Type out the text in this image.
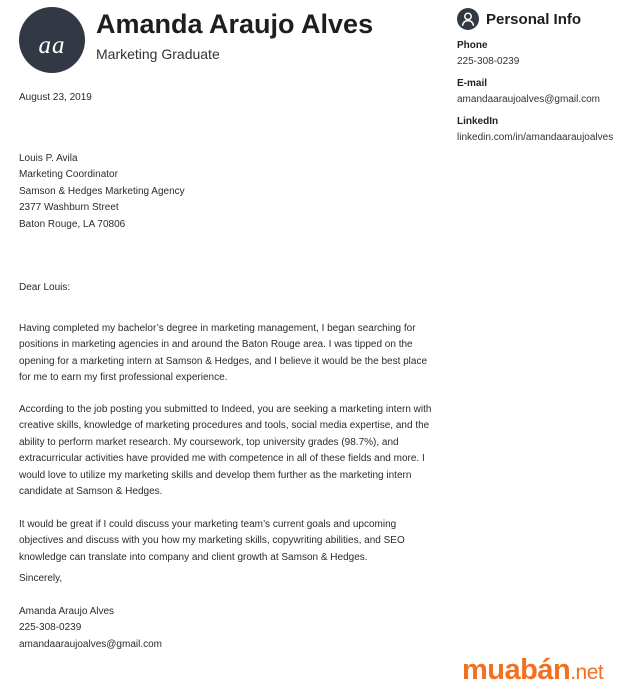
aa
Amanda Araujo Alves
Marketing Graduate
Personal Info
Phone
225-308-0239
E-mail
amandaaraujoalves@gmail.com
LinkedIn
linkedin.com/in/amandaaraujoalves
August 23, 2019
Louis P. Avila
Marketing Coordinator
Samson & Hedges Marketing Agency
2377 Washburn Street
Baton Rouge, LA 70806
Dear Louis:

Having completed my bachelor’s degree in marketing management, I began searching for positions in marketing agencies in and around the Baton Rouge area. I was tipped on the opening for a marketing intern at Samson & Hedges, and I believe it would be the best place for me to earn my first professional experience.

According to the job posting you submitted to Indeed, you are seeking a marketing intern with creative skills, knowledge of marketing procedures and tools, social media expertise, and the ability to perform market research. My coursework, top university grades (98.7%), and extracurricular activities have provided me with competence in all of these fields and more. I would love to utilize my marketing skills and develop them further as the marketing intern candidate at Samson & Hedges.

It would be great if I could discuss your marketing team’s current goals and upcoming objectives and discuss with you how my marketing skills, copywriting abilities, and SEO knowledge can translate into company and client growth at Samson & Hedges.

Sincerely,
Amanda Araujo Alves
225-308-0239
amandaaraujoalves@gmail.com
muabán.net
